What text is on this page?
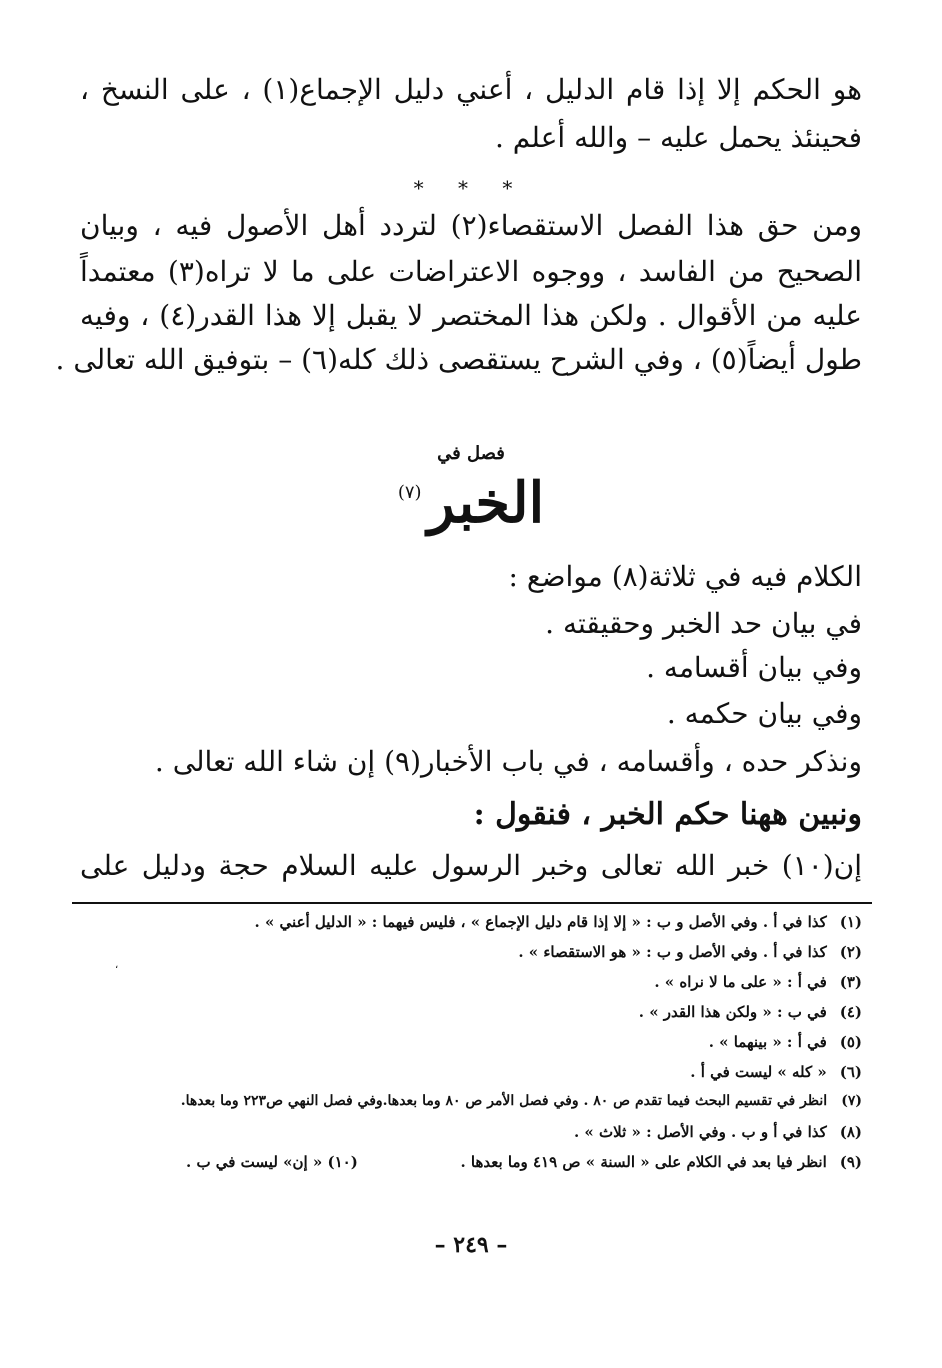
هو الحكم إلا إذا قام الدليل ، أعني دليل الإجماع(١) ، على النسخ ،
فحينئذ يحمل عليه – والله أعلم .
* * *
ومن حق هذا الفصل الاستقصاء(٢) لتردد أهل الأصول فيه ، وبيان
الصحيح من الفاسد ، ووجوه الاعتراضات على ما لا تراه(٣) معتمداً
عليه من الأقوال . ولكن هذا المختصر لا يقبل إلا هذا القدر(٤) ، وفيه
طول أيضاً(٥) ، وفي الشرح يستقصى ذلك كله(٦) – بتوفيق الله تعالى .
فصل في
الخبر(٧)
الكلام فيه في ثلاثة(٨) مواضع :
في بيان حد الخبر وحقيقته .
وفي بيان أقسامه .
وفي بيان حكمه .
ونذكر حده ، وأقسامه ، في باب الأخبار(٩) إن شاء الله تعالى .
ونبين ههنا حكم الخبر ، فنقول :
إن(١٠) خبر الله تعالى وخبر الرسول عليه السلام حجة ودليل على
(١) كذا في أ . وفي الأصل و ب : « إلا إذا قام دليل الإجماع » ، فليس فيهما : « الدليل أعني » .
(٢) كذا في أ . وفي الأصل و ب : « هو الاستقصاء » .
(٣) في أ : « على ما لا نراه » .
(٤) في ب : « ولكن هذا القدر » .
(٥) في أ : « بينهما » .
(٦) « كله » ليست في أ .
(٧) انظر في تقسيم البحث فيما تقدم ص ٨٠ . وفي فصل الأمر ص ٨٠ وما بعدها.وفي فصل النهي ص٢٢٣ وما بعدها.
(٨) كذا في أ و ب . وفي الأصل : « ثلاث » .
(٩) انظر فيا بعد في الكلام على « السنة » ص ٤١٩ وما بعدها .
(١٠) « إن» ليست في ب .
،
– ٢٤٩ –
